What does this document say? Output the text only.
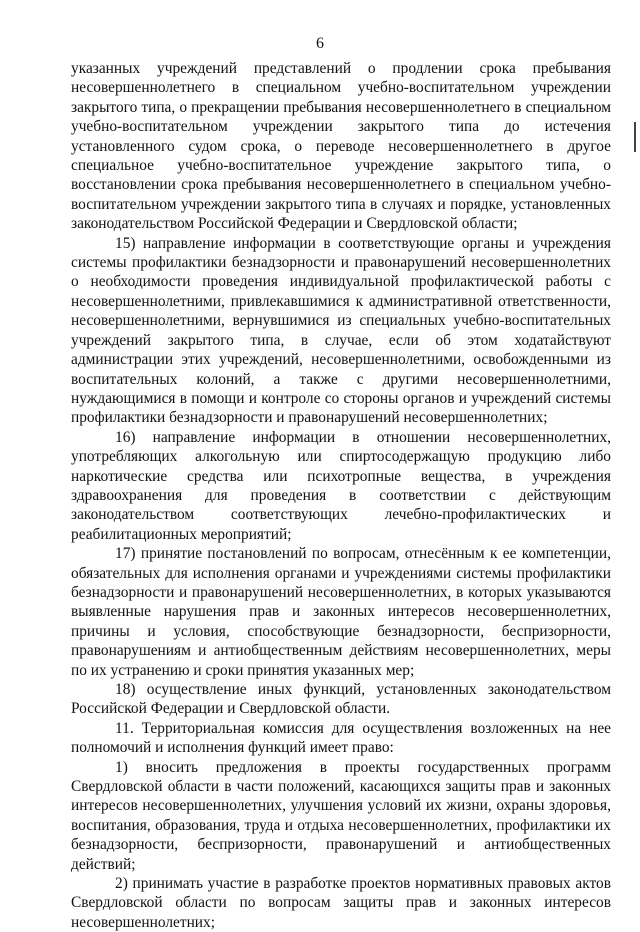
6

указанных учреждений представлений о продлении срока пребывания несовершеннолетнего в специальном учебно-воспитательном учреждении закрытого типа, о прекращении пребывания несовершеннолетнего в специальном учебно-воспитательном учреждении закрытого типа до истечения установленного судом срока, о переводе несовершеннолетнего в другое специальное учебно-воспитательное учреждение закрытого типа, о восстановлении срока пребывания несовершеннолетнего в специальном учебно-воспитательном учреждении закрытого типа в случаях и порядке, установленных законодательством Российской Федерации и Свердловской области;

15) направление информации в соответствующие органы и учреждения системы профилактики безнадзорности и правонарушений несовершеннолетних о необходимости проведения индивидуальной профилактической работы с несовершеннолетними, привлекавшимися к административной ответственности, несовершеннолетними, вернувшимися из специальных учебно-воспитательных учреждений закрытого типа, в случае, если об этом ходатайствуют администрации этих учреждений, несовершеннолетними, освобожденными из воспитательных колоний, а также с другими несовершеннолетними, нуждающимися в помощи и контроле со стороны органов и учреждений системы профилактики безнадзорности и правонарушений несовершеннолетних;

16) направление информации в отношении несовершеннолетних, употребляющих алкогольную или спиртосодержащую продукцию либо наркотические средства или психотропные вещества, в учреждения здравоохранения для проведения в соответствии с действующим законодательством соответствующих лечебно-профилактических и реабилитационных мероприятий;

17) принятие постановлений по вопросам, отнесённым к ее компетенции, обязательных для исполнения органами и учреждениями системы профилактики безнадзорности и правонарушений несовершеннолетних, в которых указываются выявленные нарушения прав и законных интересов несовершеннолетних, причины и условия, способствующие безнадзорности, беспризорности, правонарушениям и антиобщественным действиям несовершеннолетних, меры по их устранению и сроки принятия указанных мер;

18) осуществление иных функций, установленных законодательством Российской Федерации и Свердловской области.

11. Территориальная комиссия для осуществления возложенных на нее полномочий и исполнения функций имеет право:

1) вносить предложения в проекты государственных программ Свердловской области в части положений, касающихся защиты прав и законных интересов несовершеннолетних, улучшения условий их жизни, охраны здоровья, воспитания, образования, труда и отдыха несовершеннолетних, профилактики их безнадзорности, беспризорности, правонарушений и антиобщественных действий;

2) принимать участие в разработке проектов нормативных правовых актов Свердловской области по вопросам защиты прав и законных интересов несовершеннолетних;
